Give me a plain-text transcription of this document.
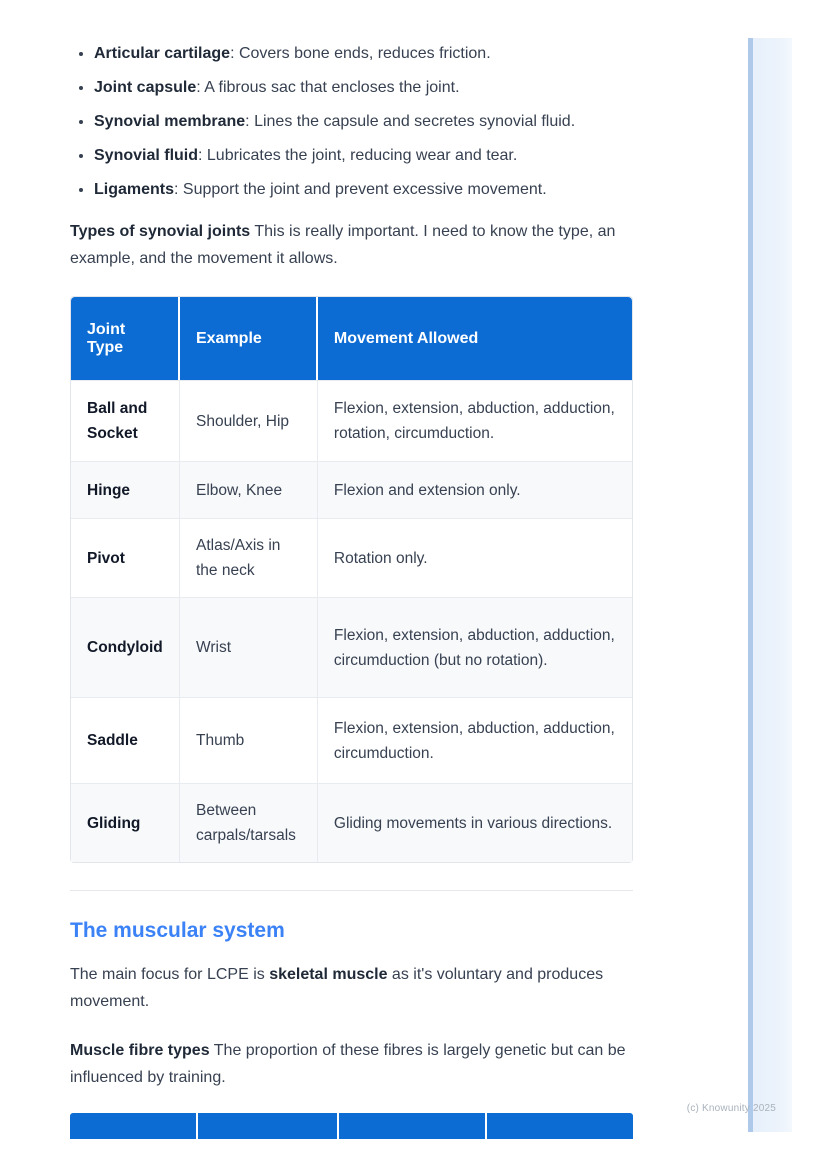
(c) Knowunity 2025
• Articular cartilage: Covers bone ends, reduces friction.
• Joint capsule: A fibrous sac that encloses the joint.
• Synovial membrane: Lines the capsule and secretes synovial fluid.
• Synovial fluid: Lubricates the joint, reducing wear and tear.
• Ligaments: Support the joint and prevent excessive movement.

Types of synovial joints This is really important. I need to know the type, an example, and the movement it allows.

Joint Type	Example	Movement Allowed
Ball and Socket	Shoulder, Hip	Flexion, extension, abduction, adduction, rotation, circumduction.
Hinge	Elbow, Knee	Flexion and extension only.
Pivot	Atlas/Axis in the neck	Rotation only.
Condyloid	Wrist	Flexion, extension, abduction, adduction, circumduction (but no rotation).
Saddle	Thumb	Flexion, extension, abduction, adduction, circumduction.
Gliding	Between carpals/tarsals	Gliding movements in various directions.
The muscular system

The main focus for LCPE is skeletal muscle as it's voluntary and produces movement.

Muscle fibre types The proportion of these fibres is largely genetic but can be influenced by training.
